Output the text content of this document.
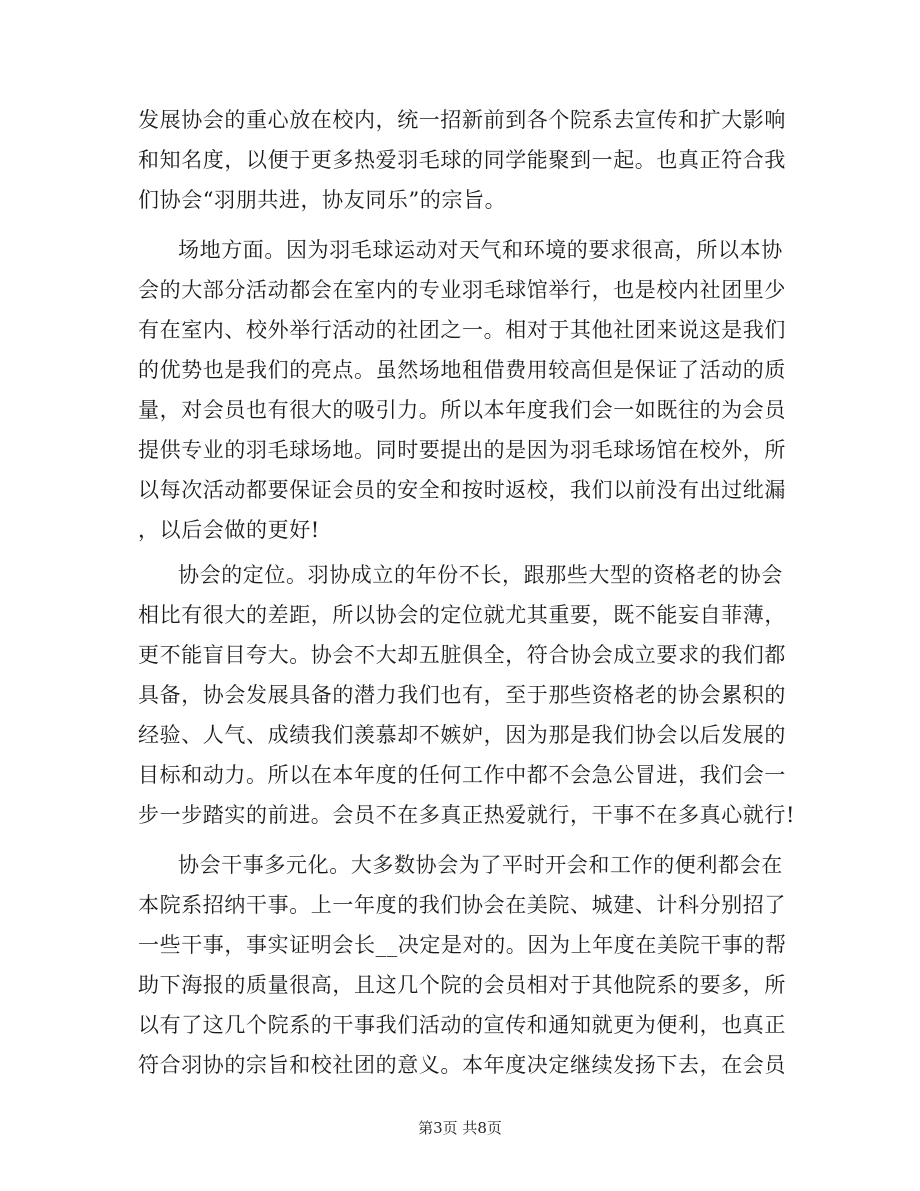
发展协会的重心放在校内，统一招新前到各个院系去宣传和扩大影响
和知名度，以便于更多热爱羽毛球的同学能聚到一起。也真正符合我
们协会“羽朋共进，协友同乐”的宗旨。
场地方面。因为羽毛球运动对天气和环境的要求很高，所以本协
会的大部分活动都会在室内的专业羽毛球馆举行，也是校内社团里少
有在室内、校外举行活动的社团之一。相对于其他社团来说这是我们
的优势也是我们的亮点。虽然场地租借费用较高但是保证了活动的质
量，对会员也有很大的吸引力。所以本年度我们会一如既往的为会员
提供专业的羽毛球场地。同时要提出的是因为羽毛球场馆在校外，所
以每次活动都要保证会员的安全和按时返校，我们以前没有出过纰漏
，以后会做的更好!
协会的定位。羽协成立的年份不长，跟那些大型的资格老的协会
相比有很大的差距，所以协会的定位就尤其重要，既不能妄自菲薄，
更不能盲目夸大。协会不大却五脏俱全，符合协会成立要求的我们都
具备，协会发展具备的潜力我们也有，至于那些资格老的协会累积的
经验、人气、成绩我们羡慕却不嫉妒，因为那是我们协会以后发展的
目标和动力。所以在本年度的任何工作中都不会急公冒进，我们会一
步一步踏实的前进。会员不在多真正热爱就行，干事不在多真心就行!
协会干事多元化。大多数协会为了平时开会和工作的便利都会在
本院系招纳干事。上一年度的我们协会在美院、城建、计科分别招了
一些干事，事实证明会长__决定是对的。因为上年度在美院干事的帮
助下海报的质量很高，且这几个院的会员相对于其他院系的要多，所
以有了这几个院系的干事我们活动的宣传和通知就更为便利，也真正
符合羽协的宗旨和校社团的意义。本年度决定继续发扬下去，在会员
第3页 共8页
